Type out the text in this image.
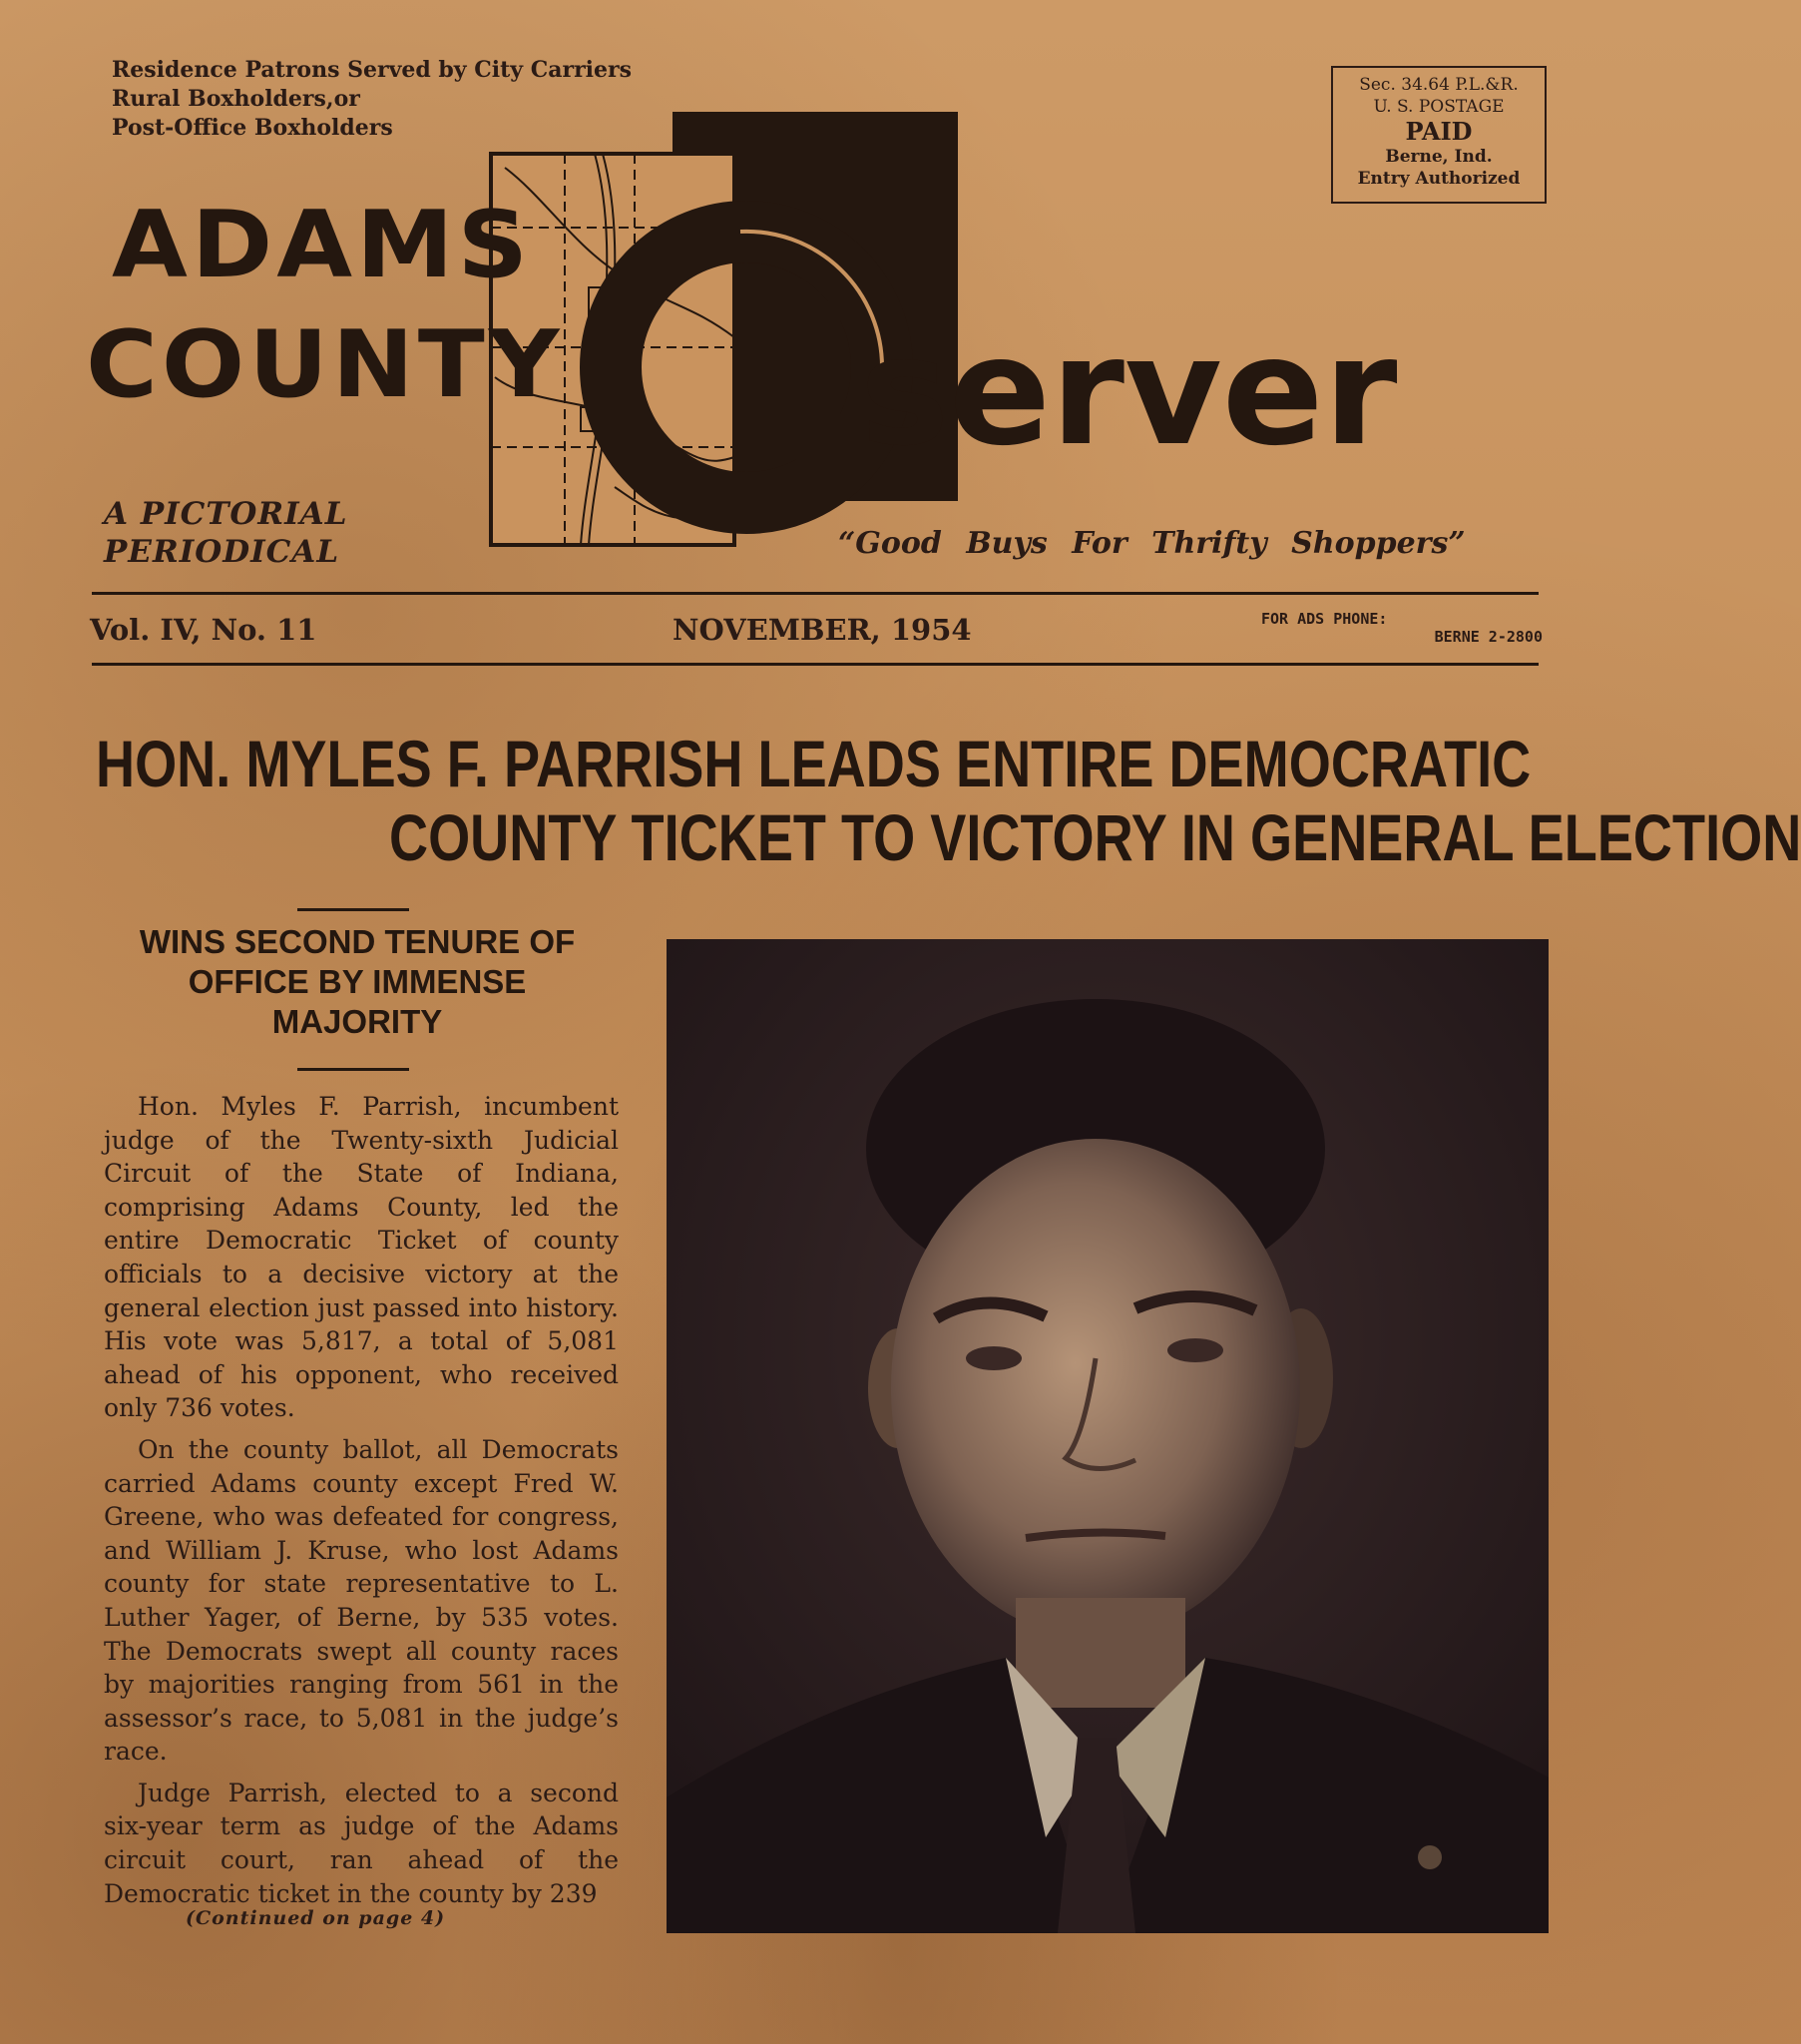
Residence Patrons Served by City Carriers
Rural Boxholders,or
Post-Office Boxholders
Sec. 34.64 P.L.&R.
U. S. POSTAGE
PAID
Berne, Ind.
Entry Authorized
ADAMS
COUNTY server
A PICTORIAL
PERIODICAL	“Good Buys For Thrifty Shoppers”
Vol. IV, No. 11	NOVEMBER, 1954	FOR ADS PHONE:
BERNE 2-2800
HON. MYLES F. PARRISH LEADS ENTIRE DEMOCRATIC
COUNTY TICKET TO VICTORY IN GENERAL ELECTION
WINS SECOND TENURE OF
OFFICE BY IMMENSE
MAJORITY

Hon. Myles F. Parrish, incumbent judge of the Twenty-sixth Judicial Circuit of the State of Indiana, comprising Adams County, led the entire Democratic Ticket of county officials to a decisive victory at the general election just passed into history. His vote was 5,817, a total of 5,081 ahead of his opponent, who received only 736 votes.

On the county ballot, all Democrats carried Adams county except Fred W. Greene, who was defeated for congress, and William J. Kruse, who lost Adams county for state representative to L. Luther Yager, of Berne, by 535 votes. The Democrats swept all county races by majorities ranging from 561 in the assessor’s race, to 5,081 in the judge’s race.

Judge Parrish, elected to a second six-year term as judge of the Adams circuit court, ran ahead of the Democratic ticket in the county by 239

(Continued on page 4)
